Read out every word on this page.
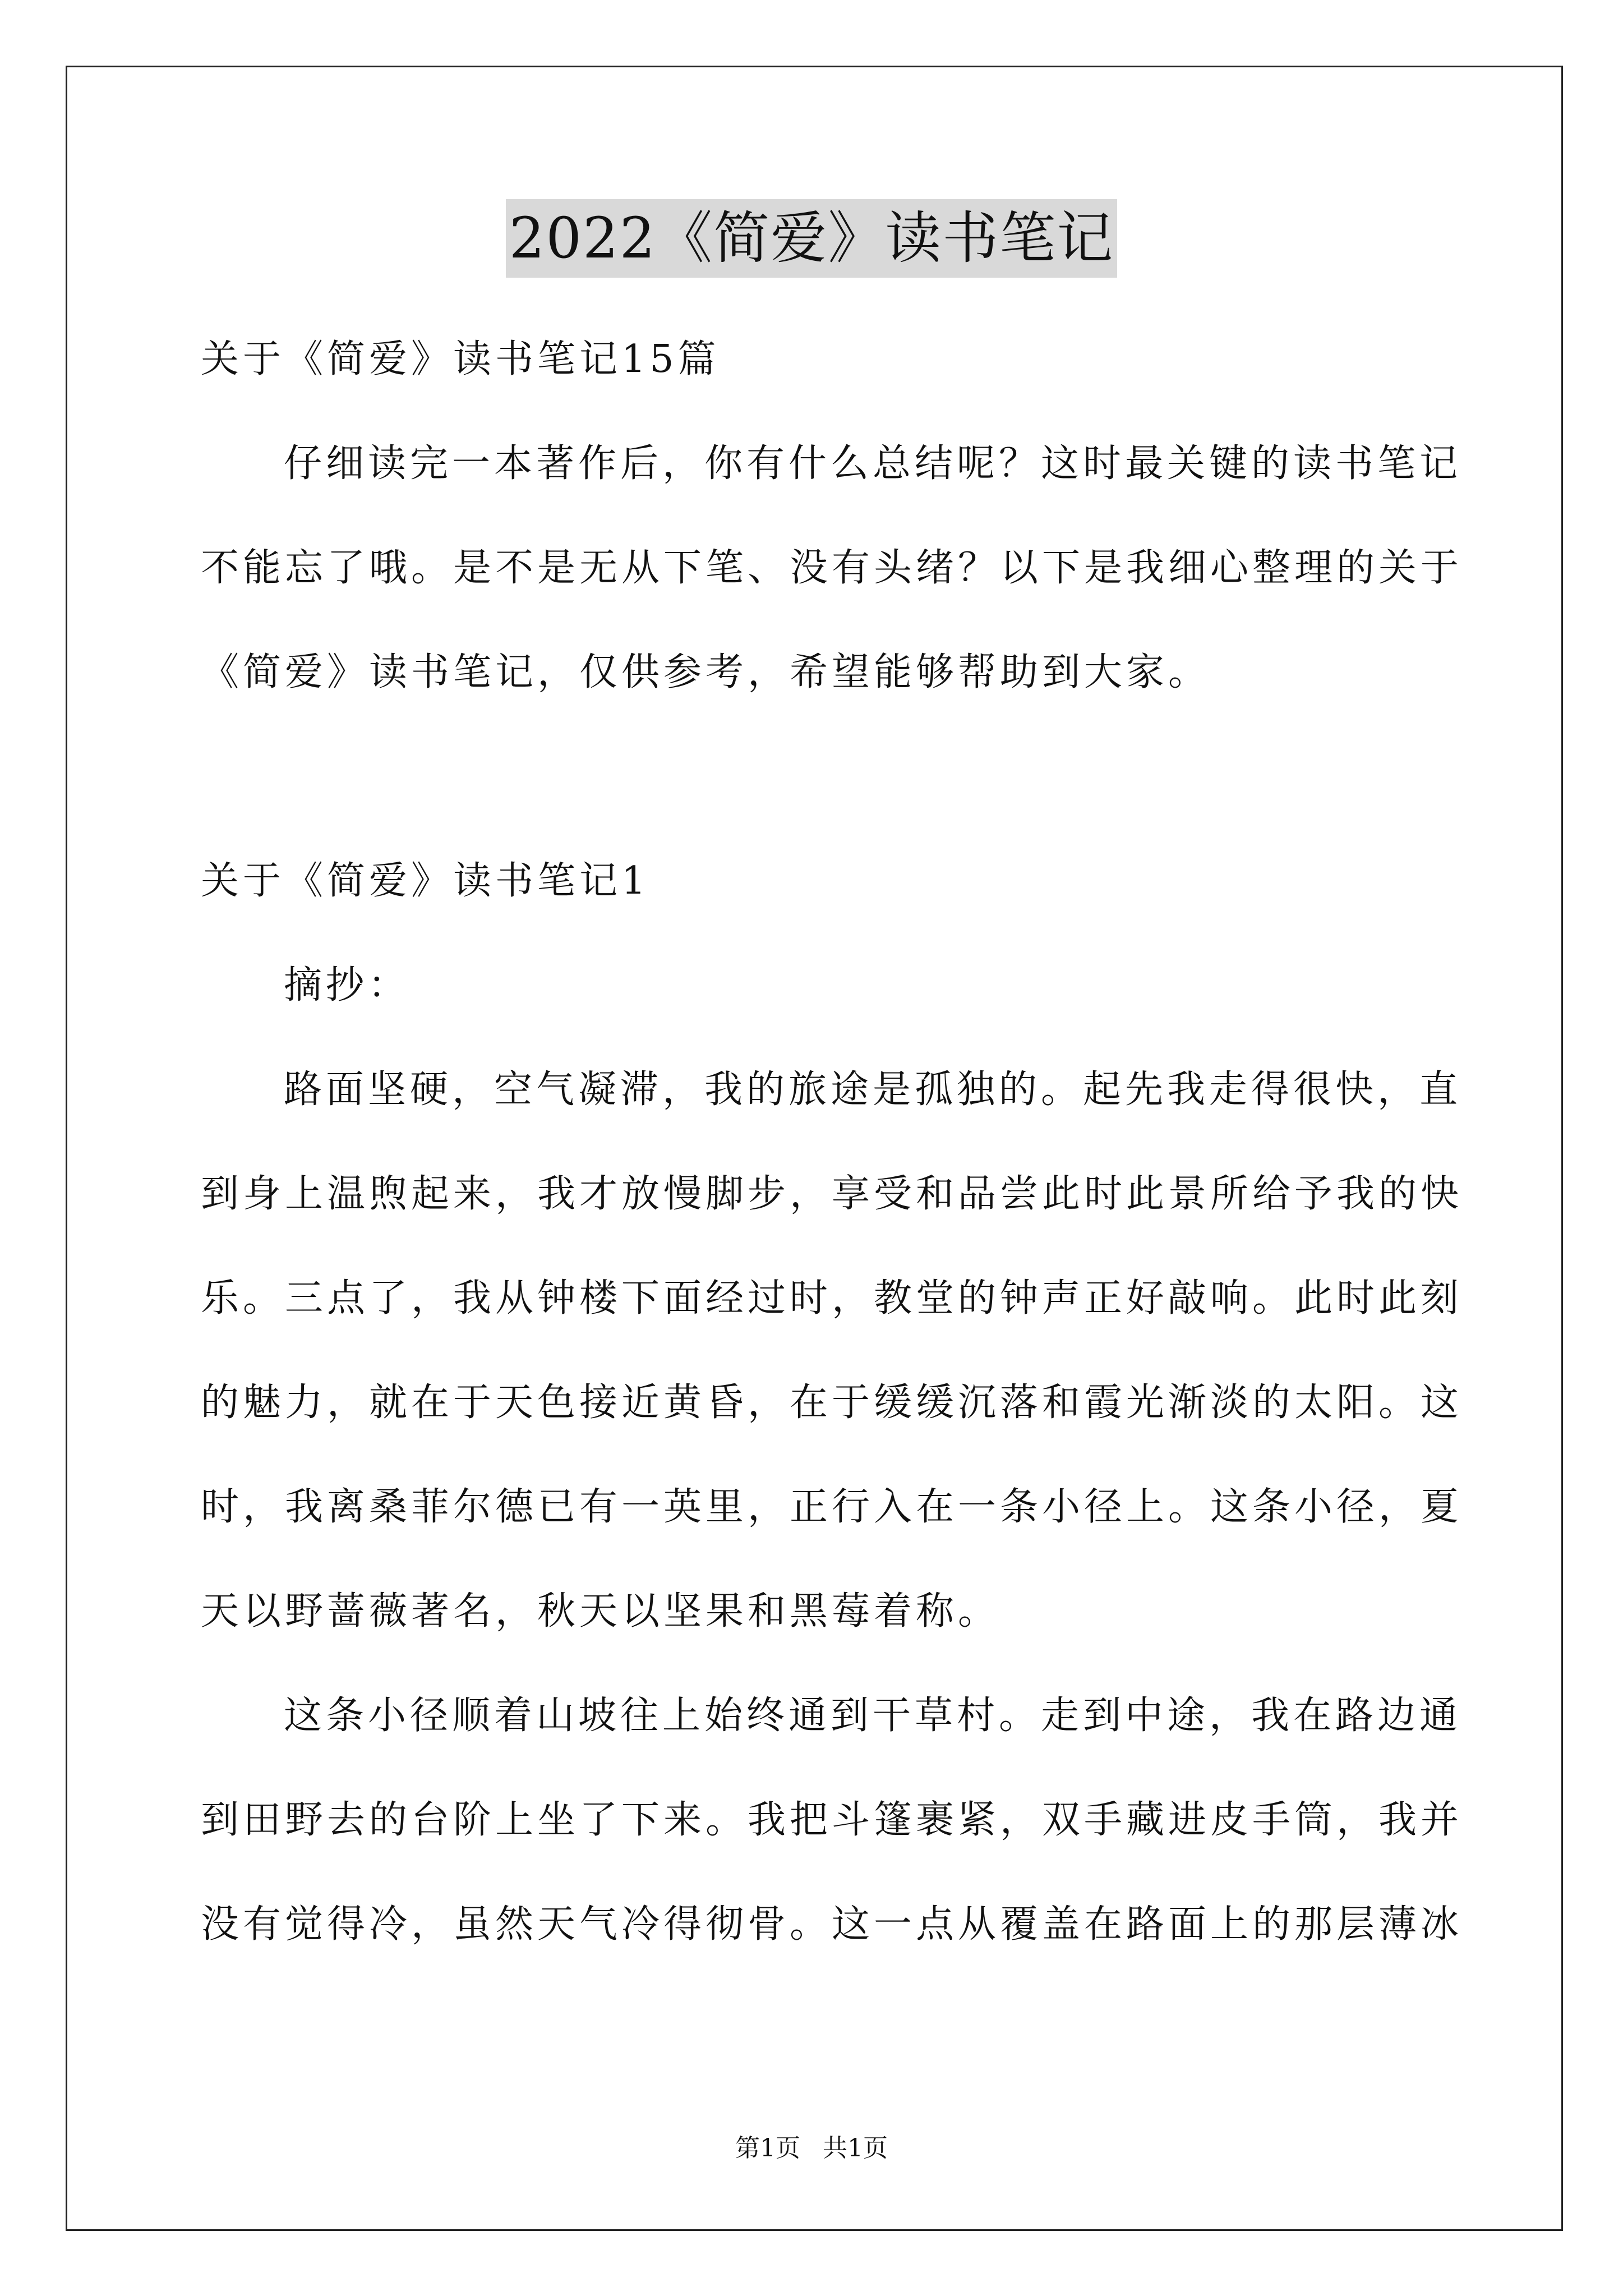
2022《简爱》读书笔记
关于《简爱》读书笔记15篇
仔细读完一本著作后，你有什么总结呢？这时最关键的读书笔记
不能忘了哦。是不是无从下笔、没有头绪？以下是我细心整理的关于
《简爱》读书笔记，仅供参考，希望能够帮助到大家。
关于《简爱》读书笔记1
摘抄：
路面坚硬，空气凝滞，我的旅途是孤独的。起先我走得很快，直
到身上温煦起来，我才放慢脚步，享受和品尝此时此景所给予我的快
乐。三点了，我从钟楼下面经过时，教堂的钟声正好敲响。此时此刻
的魅力，就在于天色接近黄昏，在于缓缓沉落和霞光渐淡的太阳。这
时，我离桑菲尔德已有一英里，正行入在一条小径上。这条小径，夏
天以野蔷薇著名，秋天以坚果和黑莓着称。
这条小径顺着山坡往上始终通到干草村。走到中途，我在路边通
到田野去的台阶上坐了下来。我把斗篷裹紧，双手藏进皮手筒，我并
没有觉得冷，虽然天气冷得彻骨。这一点从覆盖在路面上的那层薄冰
第1页 共1页
